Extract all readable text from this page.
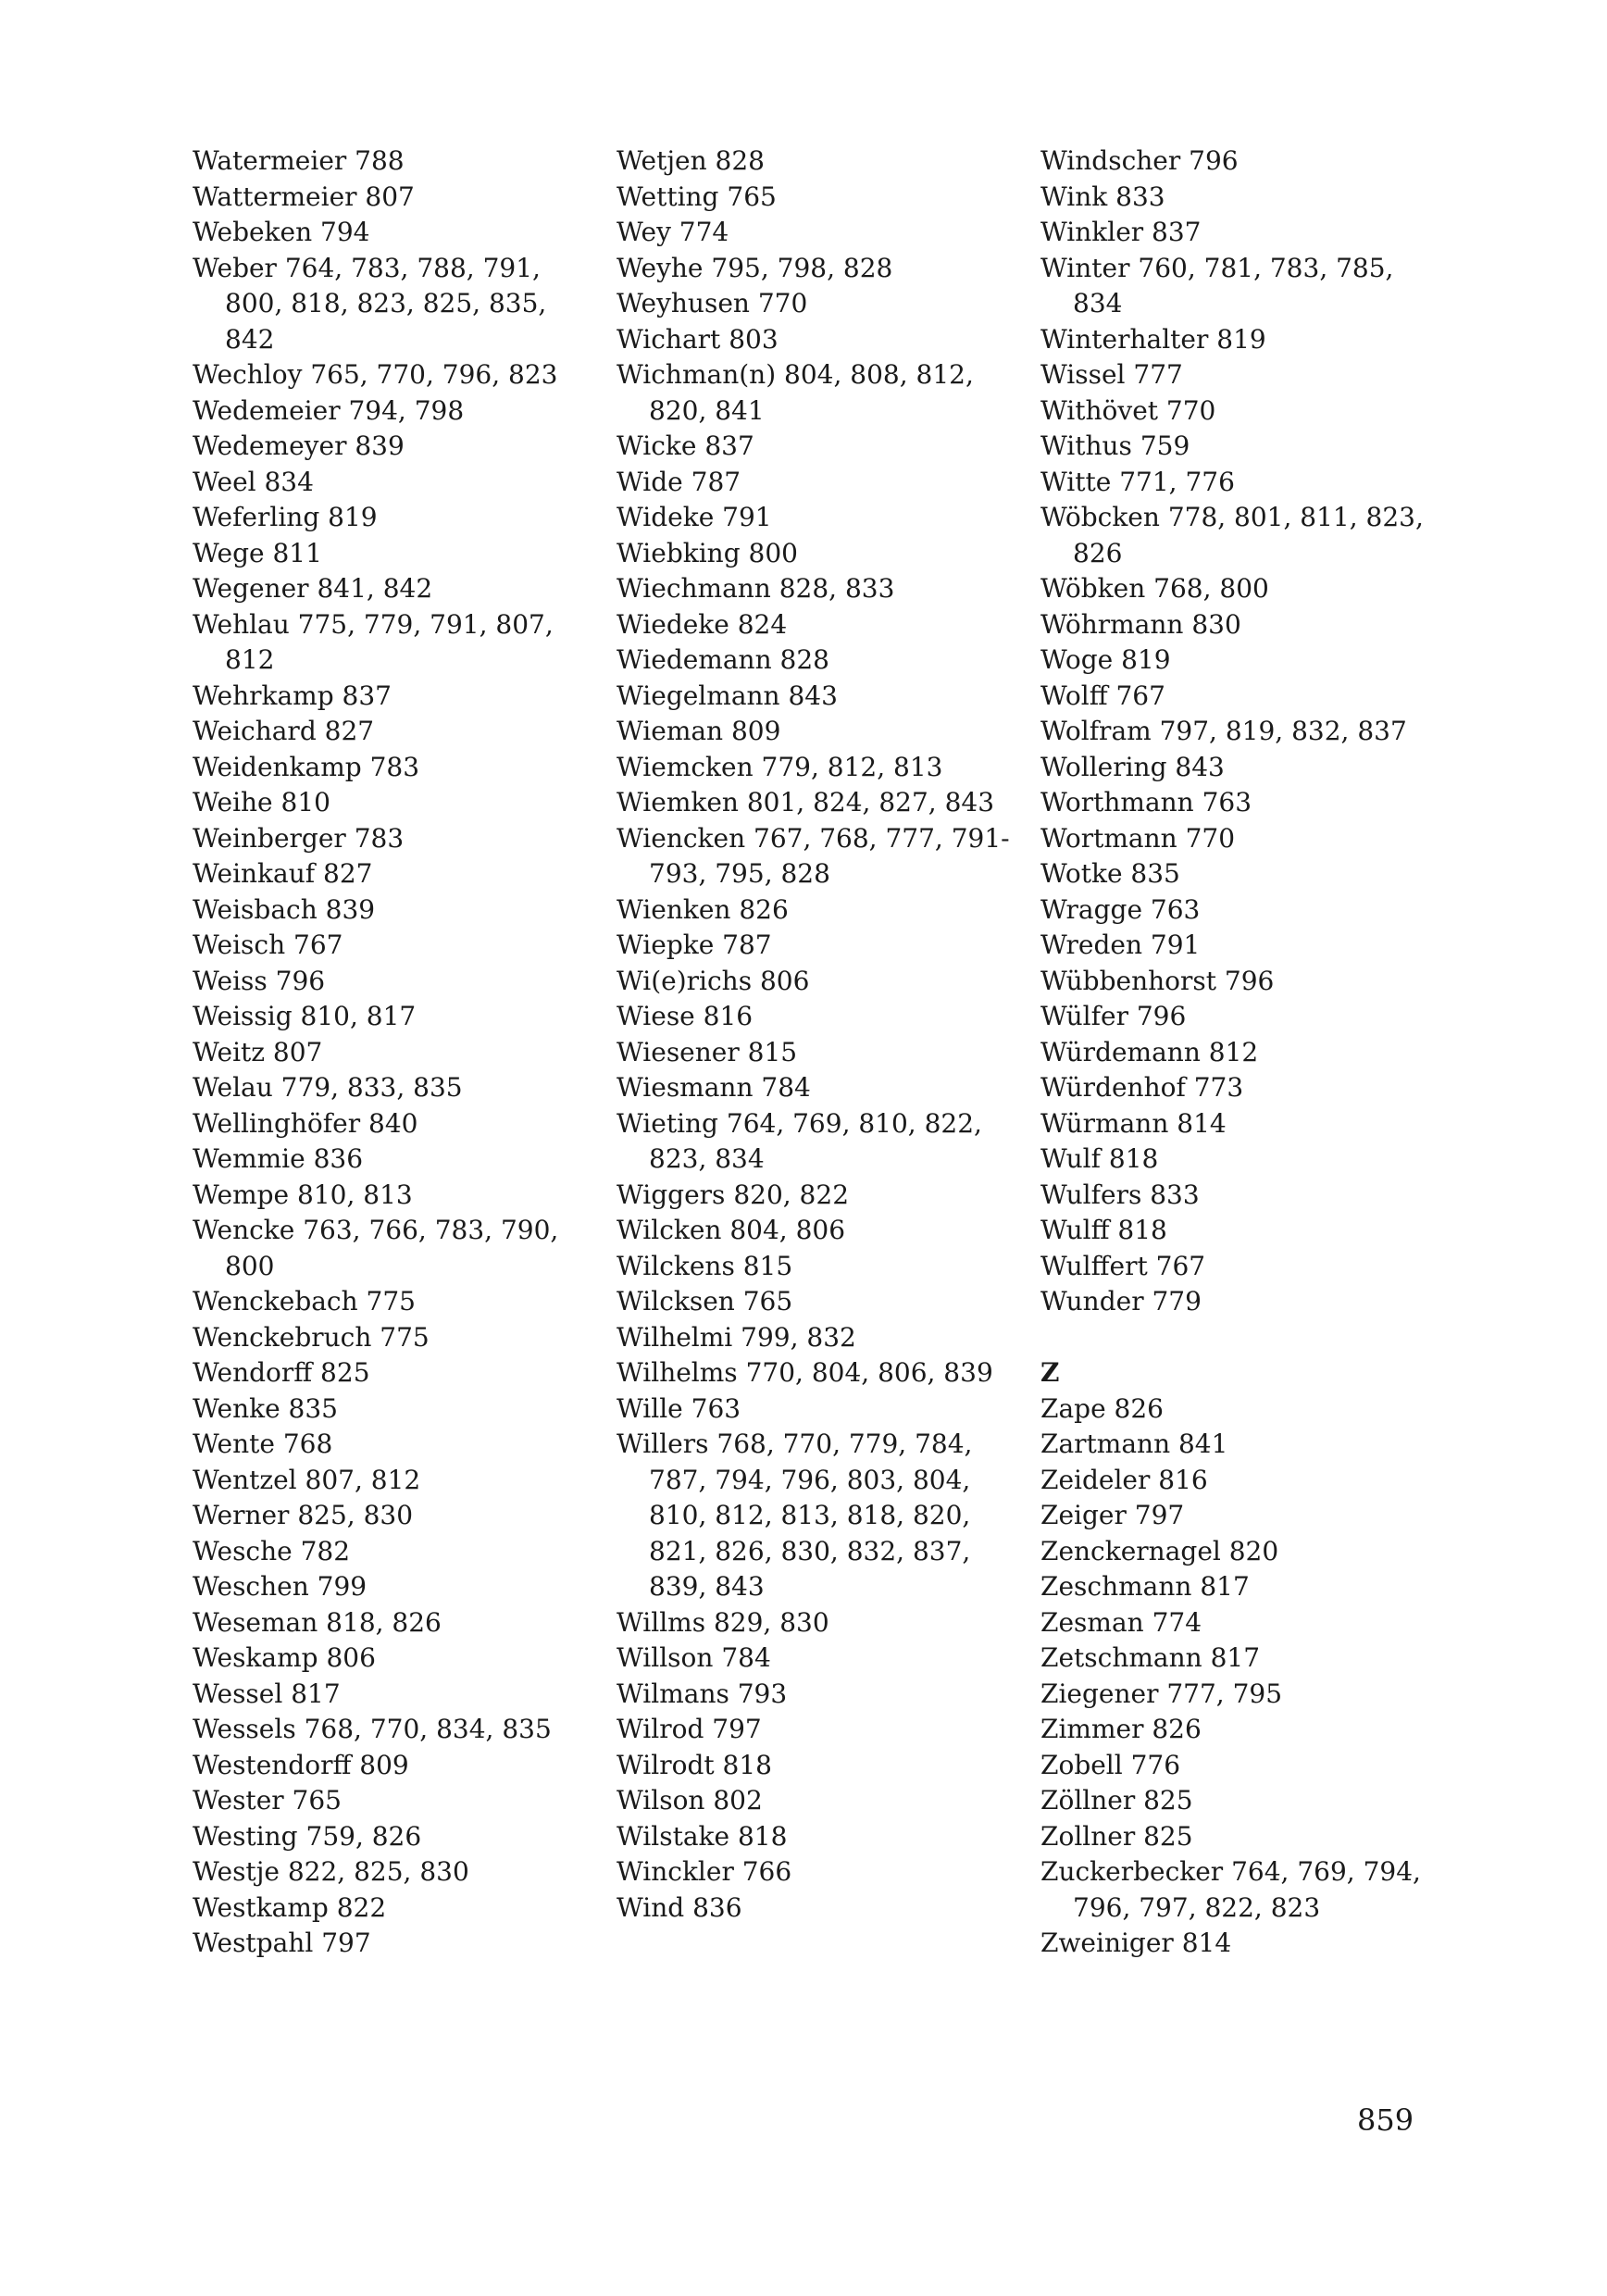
Watermeier 788
Wattermeier 807
Webeken 794
Weber 764, 783, 788, 791, 800, 818, 823, 825, 835, 842
Wechloy 765, 770, 796, 823
Wedemeier 794, 798
Wedemeyer 839
Weel 834
Weferling 819
Wege 811
Wegener 841, 842
Wehlau 775, 779, 791, 807, 812
Wehrkamp 837
Weichard 827
Weidenkamp 783
Weihe 810
Weinberger 783
Weinkauf 827
Weisbach 839
Weisch 767
Weiss 796
Weissig 810, 817
Weitz 807
Welau 779, 833, 835
Wellinghöfer 840
Wemmie 836
Wempe 810, 813
Wencke 763, 766, 783, 790, 800
Wenckebach 775
Wenckebruch 775
Wendorff 825
Wenke 835
Wente 768
Wentzel 807, 812
Werner 825, 830
Wesche 782
Weschen 799
Weseman 818, 826
Weskamp 806
Wessel 817
Wessels 768, 770, 834, 835
Westendorff 809
Wester 765
Westing 759, 826
Westje 822, 825, 830
Westkamp 822
Westpahl 797
Wetjen 828
Wetting 765
Wey 774
Weyhe 795, 798, 828
Weyhusen 770
Wichart 803
Wichman(n) 804, 808, 812, 820, 841
Wicke 837
Wide 787
Wideke 791
Wiebking 800
Wiechmann 828, 833
Wiedeke 824
Wiedemann 828
Wiegelmann 843
Wieman 809
Wiemcken 779, 812, 813
Wiemken 801, 824, 827, 843
Wiencken 767, 768, 777, 791-793, 795, 828
Wienken 826
Wiepke 787
Wi(e)richs 806
Wiese 816
Wiesener 815
Wiesmann 784
Wieting 764, 769, 810, 822, 823, 834
Wiggers 820, 822
Wilcken 804, 806
Wilckens 815
Wilcksen 765
Wilhelmi 799, 832
Wilhelms 770, 804, 806, 839
Wille 763
Willers 768, 770, 779, 784, 787, 794, 796, 803, 804, 810, 812, 813, 818, 820, 821, 826, 830, 832, 837, 839, 843
Willms 829, 830
Willson 784
Wilmans 793
Wilrod 797
Wilrodt 818
Wilson 802
Wilstake 818
Winckler 766
Wind 836
Windscher 796
Wink 833
Winkler 837
Winter 760, 781, 783, 785, 834
Winterhalter 819
Wissel 777
Withövet 770
Withus 759
Witte 771, 776
Wöbcken 778, 801, 811, 823, 826
Wöbken 768, 800
Wöhrmann 830
Woge 819
Wolff 767
Wolfram 797, 819, 832, 837
Wollering 843
Worthmann 763
Wortmann 770
Wotke 835
Wragge 763
Wreden 791
Wübbenhorst 796
Wülfer 796
Würdemann 812
Würdenhof 773
Würmann 814
Wulf 818
Wulfers 833
Wulff 818
Wulffert 767
Wunder 779
Z
Zape 826
Zartmann 841
Zeideler 816
Zeiger 797
Zenckernagel 820
Zeschmann 817
Zesman 774
Zetschmann 817
Ziegener 777, 795
Zimmer 826
Zobell 776
Zöllner 825
Zollner 825
Zuckerbecker 764, 769, 794, 796, 797, 822, 823
Zweiniger 814
859
